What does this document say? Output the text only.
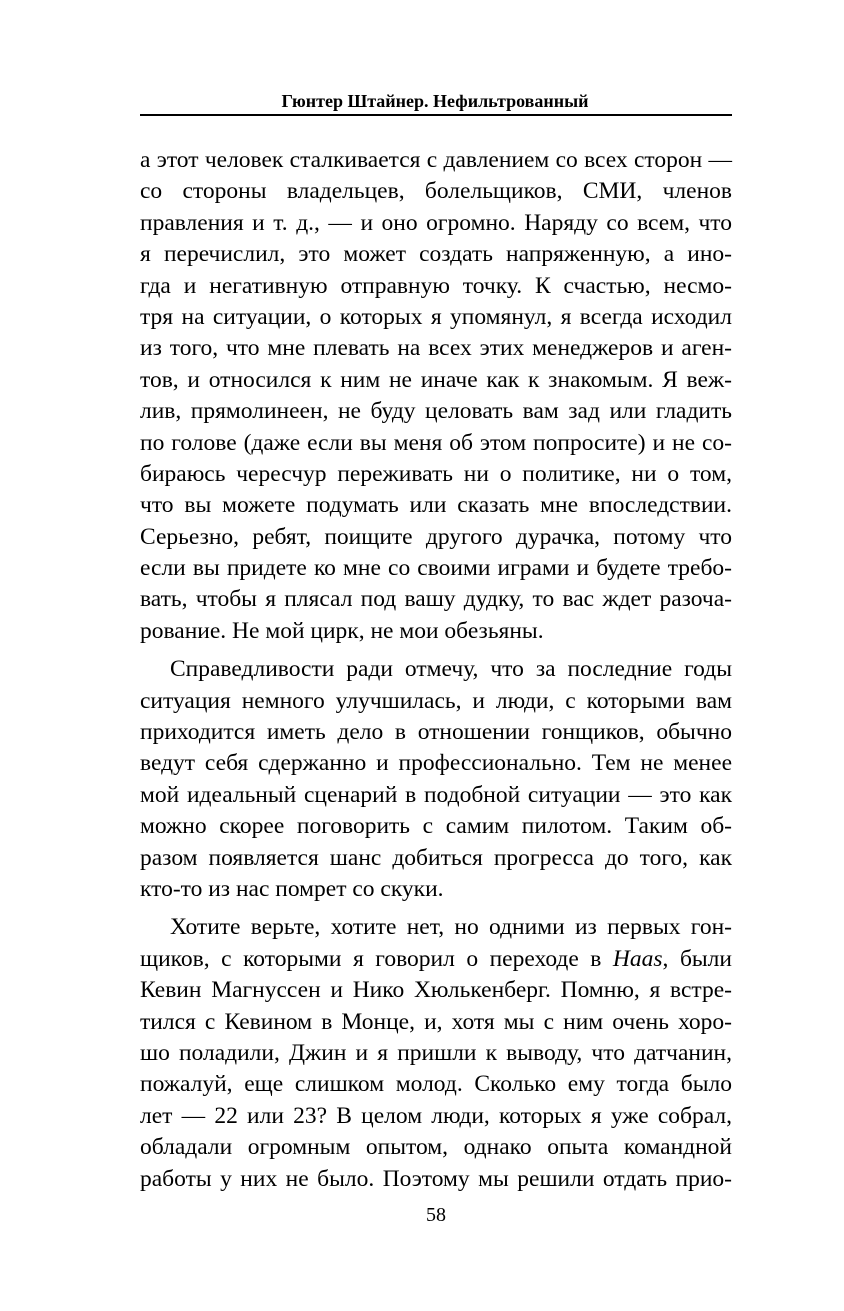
Гюнтер Штайнер. Нефильтрованный
а этот человек сталкивается с давлением со всех сторон —
со стороны владельцев, болельщиков, СМИ, членов
правления и т. д., — и оно огромно. Наряду со всем, что
я перечислил, это может создать напряженную, а ино-
гда и негативную отправную точку. К счастью, несмо-
тря на ситуации, о которых я упомянул, я всегда исходил
из того, что мне плевать на всех этих менеджеров и аген-
тов, и относился к ним не иначе как к знакомым. Я веж-
лив, прямолинеен, не буду целовать вам зад или гладить
по голове (даже если вы меня об этом попросите) и не со-
бираюсь чересчур переживать ни о политике, ни о том,
что вы можете подумать или сказать мне впоследствии.
Серьезно, ребят, поищите другого дурачка, потому что
если вы придете ко мне со своими играми и будете требо-
вать, чтобы я плясал под вашу дудку, то вас ждет разоча-
рование. Не мой цирк, не мои обезьяны.
Справедливости ради отмечу, что за последние годы
ситуация немного улучшилась, и люди, с которыми вам
приходится иметь дело в отношении гонщиков, обычно
ведут себя сдержанно и профессионально. Тем не менее
мой идеальный сценарий в подобной ситуации — это как
можно скорее поговорить с самим пилотом. Таким об-
разом появляется шанс добиться прогресса до того, как
кто-то из нас помрет со скуки.
Хотите верьте, хотите нет, но одними из первых гон-
щиков, с которыми я говорил о переходе в Haas, были
Кевин Магнуссен и Нико Хюлькенберг. Помню, я встре-
тился с Кевином в Монце, и, хотя мы с ним очень хоро-
шо поладили, Джин и я пришли к выводу, что датчанин,
пожалуй, еще слишком молод. Сколько ему тогда было
лет — 22 или 23? В целом люди, которых я уже собрал,
обладали огромным опытом, однако опыта командной
работы у них не было. Поэтому мы решили отдать прио-
58
